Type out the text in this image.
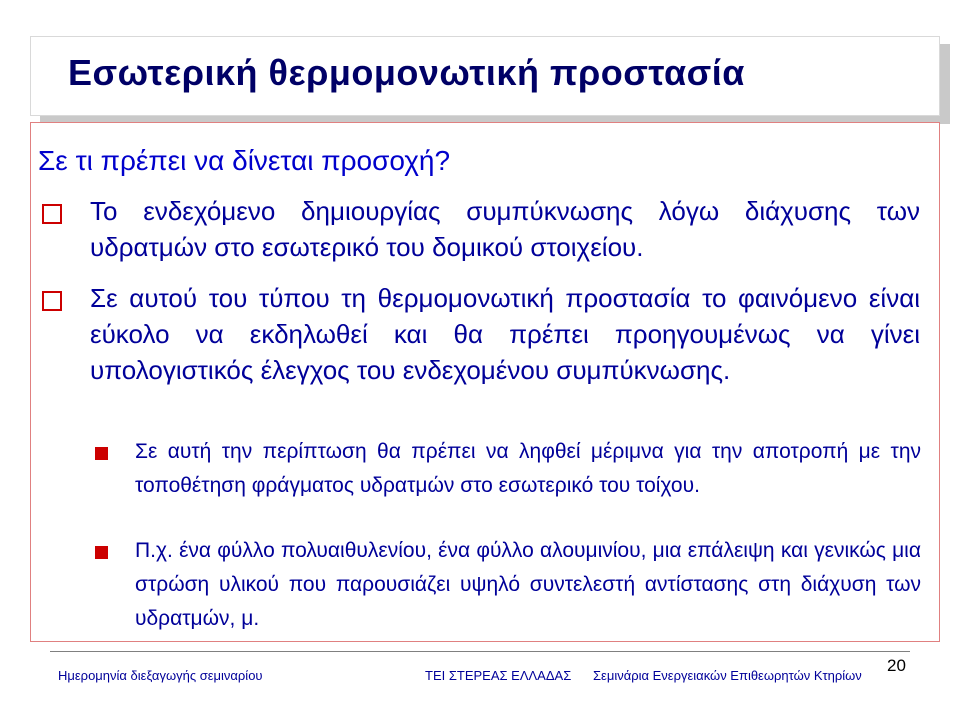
Εσωτερική θερμομονωτική προστασία
Σε τι πρέπει να δίνεται προσοχή?
Το ενδεχόμενο δημιουργίας συμπύκνωσης λόγω διάχυσης των υδρατμών στο εσωτερικό του δομικού στοιχείου.
Σε αυτού του τύπου τη θερμομονωτική προστασία το φαινόμενο είναι εύκολο να εκδηλωθεί και θα πρέπει προηγουμένως να γίνει υπολογιστικός έλεγχος του ενδεχομένου συμπύκνωσης.
Σε αυτή την περίπτωση θα πρέπει να ληφθεί μέριμνα για την αποτροπή με την τοποθέτηση φράγματος υδρατμών στο εσωτερικό του τοίχου.
Π.χ. ένα φύλλο πολυαιθυλενίου, ένα φύλλο αλουμινίου, μια επάλειψη και γενικώς μια στρώση υλικού που παρουσιάζει υψηλό συντελεστή αντίστασης στη διάχυση των υδρατμών, μ.
Ημερομηνία διεξαγωγής σεμιναρίου	ΤΕΙ ΣΤΕΡΕΑΣ ΕΛΛΑΔΑΣ Σεμινάρια Ενεργειακών Επιθεωρητών Κτηρίων
20
